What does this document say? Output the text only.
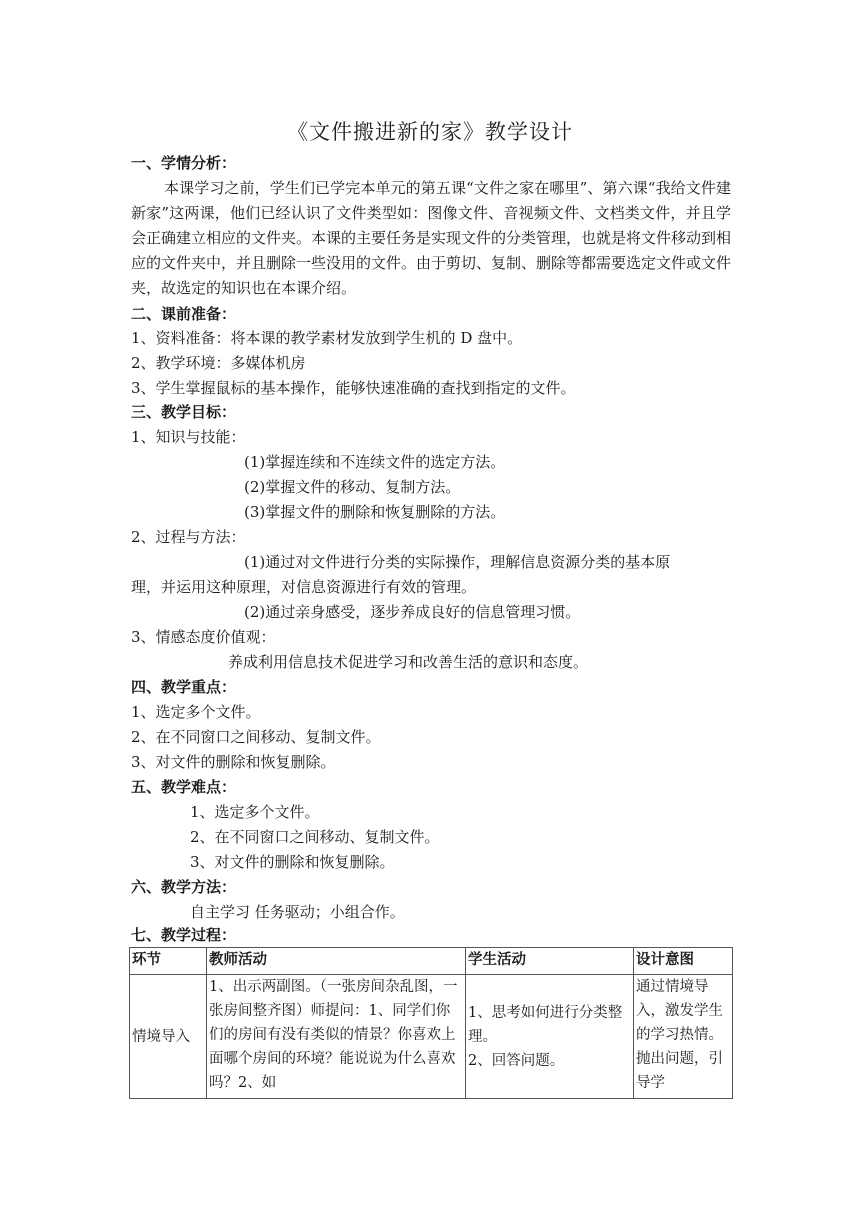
《文件搬进新的家》教学设计
一、学情分析：
本课学习之前，学生们已学完本单元的第五课“文件之家在哪里”、第六课“我给文件建新家”这两课，他们已经认识了文件类型如：图像文件、音视频文件、文档类文件，并且学会正确建立相应的文件夹。本课的主要任务是实现文件的分类管理，也就是将文件移动到相应的文件夹中，并且删除一些没用的文件。由于剪切、复制、删除等都需要选定文件或文件夹，故选定的知识也在本课介绍。
二、课前准备：
1、资料准备：将本课的教学素材发放到学生机的 D 盘中。
2、教学环境：多媒体机房
3、学生掌握鼠标的基本操作，能够快速准确的查找到指定的文件。
三、教学目标：
1、知识与技能：
(1)掌握连续和不连续文件的选定方法。
(2)掌握文件的移动、复制方法。
(3)掌握文件的删除和恢复删除的方法。
2、过程与方法：
(1)通过对文件进行分类的实际操作，理解信息资源分类的基本原
理，并运用这种原理，对信息资源进行有效的管理。
(2)通过亲身感受，逐步养成良好的信息管理习惯。
3、情感态度价值观：
养成利用信息技术促进学习和改善生活的意识和态度。
四、教学重点：
1、选定多个文件。
2、在不同窗口之间移动、复制文件。
3、对文件的删除和恢复删除。
五、教学难点：
1、选定多个文件。
2、在不同窗口之间移动、复制文件。
3、对文件的删除和恢复删除。
六、教学方法：
自主学习 任务驱动；小组合作。
七、教学过程：
环节	教师活动	学生活动	设计意图
情境导入	1、出示两副图。（一张房间杂乱图，一张房间整齐图）师提问：1、同学们你们的房间有没有类似的情景？你喜欢上面哪个房间的环境？能说说为什么喜欢吗？2、如	1、思考如何进行分类整理。
2、回答问题。	通过情境导入，激发学生的学习热情。抛出问题，引导学
